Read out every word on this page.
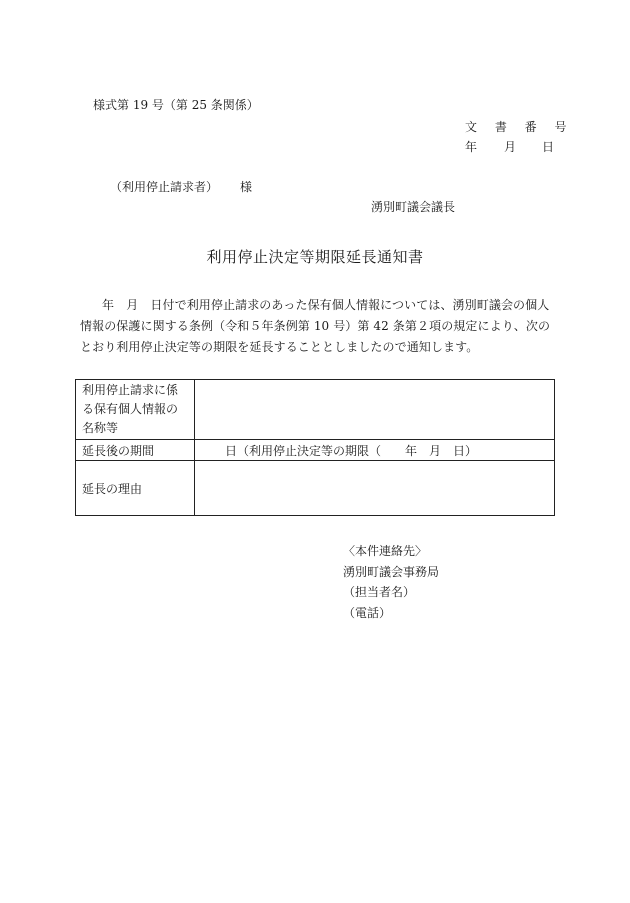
様式第 19 号（第 25 条関係）
文 書 番 号
年 月 日
（利用停止請求者） 様
湧別町議会議長
利用停止決定等期限延長通知書
年　月　日付で利用停止請求のあった保有個人情報については、湧別町議会の個人情報の保護に関する条例（令和５年条例第 10 号）第 42 条第２項の規定により、次のとおり利用停止決定等の期限を延長することとしましたので通知します。
利用停止請求に係る保有個人情報の名称等	
延長後の期間	日（利用停止決定等の期限（　　年　月　日）
延長の理由	
〈本件連絡先〉
湧別町議会事務局
（担当者名）
（電話）
